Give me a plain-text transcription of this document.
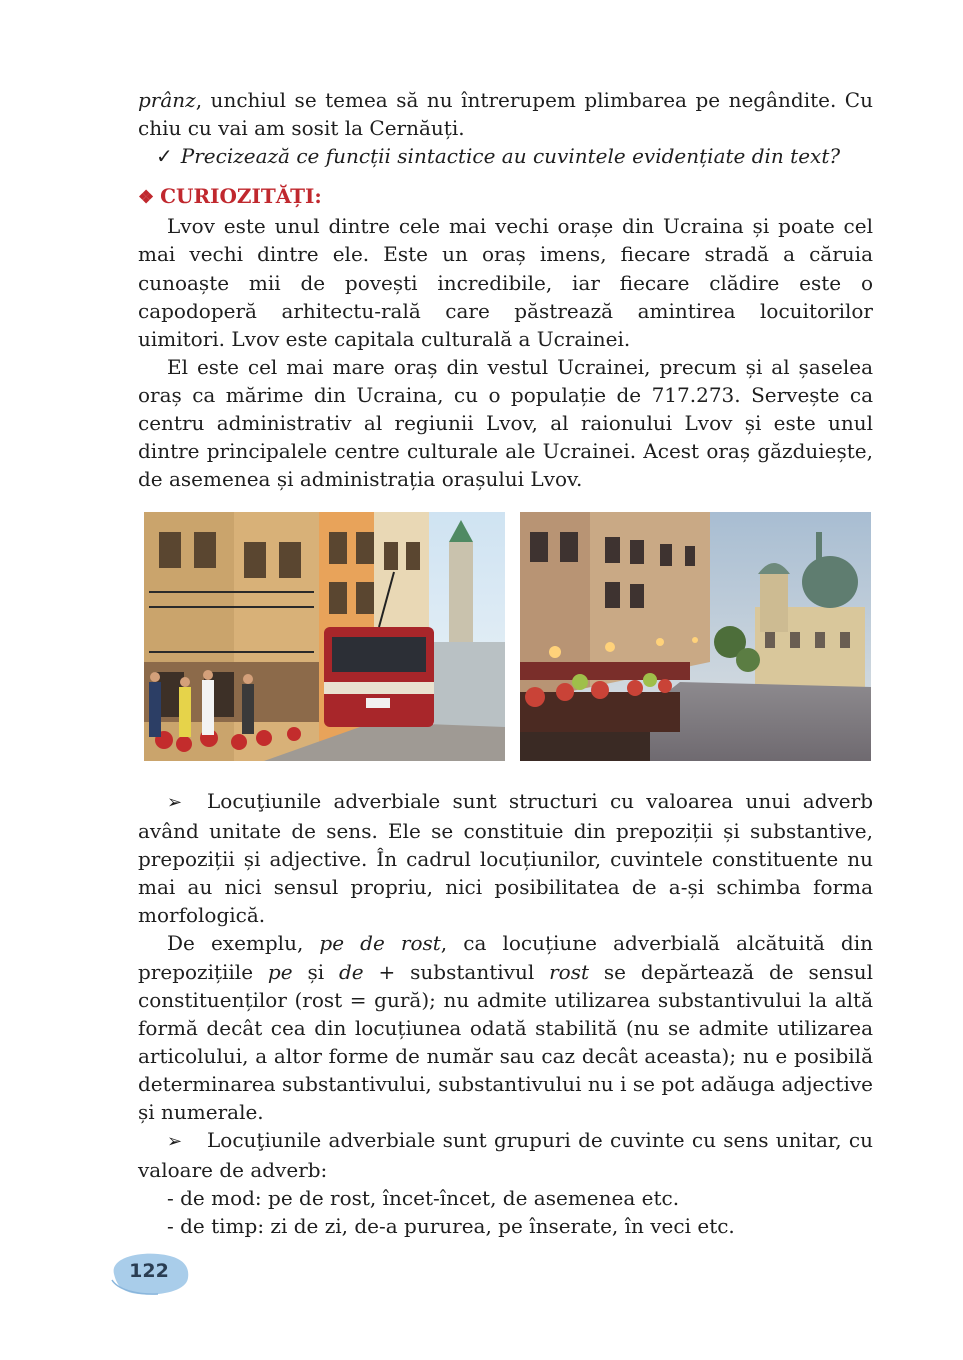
prânz, unchiul se temea să nu întrerupem plimbarea pe negândite. Cu chiu cu vai am sosit la Cernăuți.

✓ Precizează ce funcții sintactice au cuvintele evidențiate din text?

❖ CURIOZITĂȚI:

Lvov este unul dintre cele mai vechi orașe din Ucraina și poate cel mai vechi dintre ele. Este un oraș imens, fiecare stradă a căruia cunoaște mii de povești incredibile, iar fiecare clădire este o capodoperă arhitectu-rală care păstrează amintirea locuitorilor uimitori. Lvov este capitala culturală a Ucrainei.

El este cel mai mare oraș din vestul Ucrainei, precum și al șaselea oraș ca mărime din Ucraina, cu o populație de 717.273. Servește ca centru administrativ al regiunii Lvov, al raionului Lvov și este unul dintre principalele centre culturale ale Ucrainei. Acest oraș găzduiește, de asemenea și administrația orașului Lvov.

➢ Locuţiunile adverbiale sunt structuri cu valoarea unui adverb având unitate de sens. Ele se constituie din prepoziții și substantive, prepoziții și adjective. În cadrul locuțiunilor, cuvintele constituente nu mai au nici sensul propriu, nici posibilitatea de a-și schimba forma morfologică.

De exemplu, pe de rost, ca locuțiune adverbială alcătuită din prepozițiile pe și de + substantivul rost se depărtează de sensul constituenților (rost = gură); nu admite utilizarea substantivului la altă formă decât cea din locuțiunea odată stabilită (nu se admite utilizarea articolului, a altor forme de număr sau caz decât aceasta); nu e posibilă determinarea substantivului, substantivului nu i se pot adăuga adjective și numerale.

➢ Locuţiunile adverbiale sunt grupuri de cuvinte cu sens unitar, cu valoare de adverb:

- de mod: pe de rost, încet-încet, de asemenea etc.

- de timp: zi de zi, de-a pururea, pe înserate, în veci etc.

122
